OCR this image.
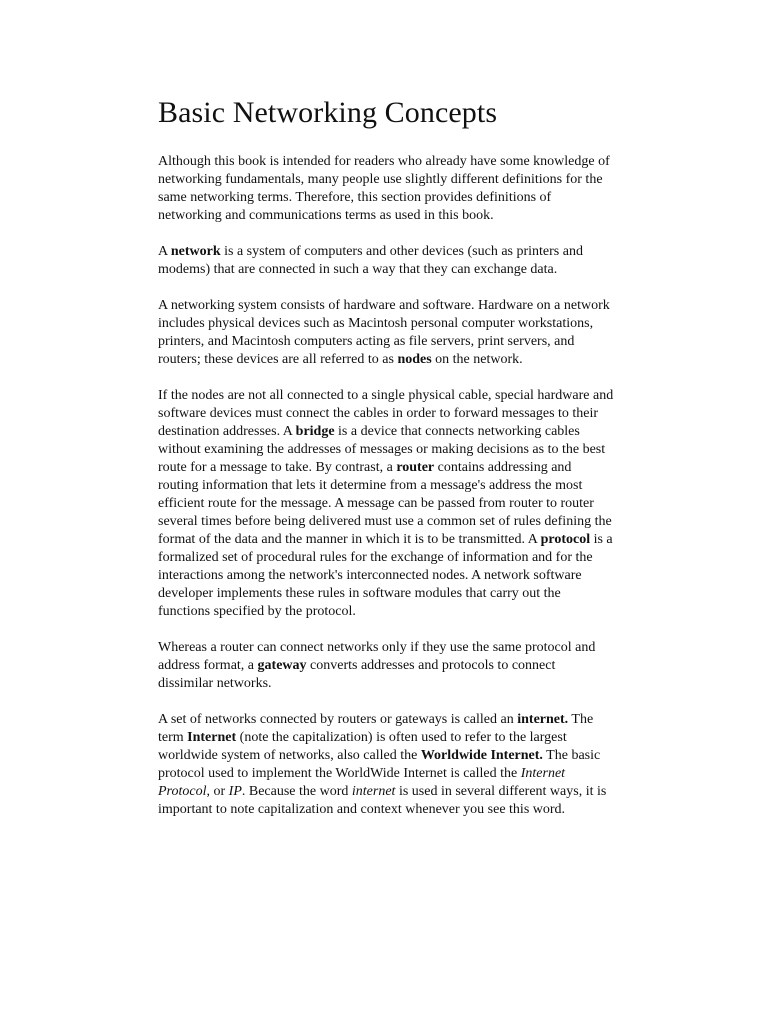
Basic Networking Concepts

Although this book is intended for readers who already have some knowledge of networking fundamentals, many people use slightly different definitions for the same networking terms. Therefore, this section provides definitions of networking and communications terms as used in this book.

A network is a system of computers and other devices (such as printers and modems) that are connected in such a way that they can exchange data.

A networking system consists of hardware and software. Hardware on a network includes physical devices such as Macintosh personal computer workstations, printers, and Macintosh computers acting as file servers, print servers, and routers; these devices are all referred to as nodes on the network.

If the nodes are not all connected to a single physical cable, special hardware and software devices must connect the cables in order to forward messages to their destination addresses. A bridge is a device that connects networking cables without examining the addresses of messages or making decisions as to the best route for a message to take. By contrast, a router contains addressing and routing information that lets it determine from a message's address the most efficient route for the message. A message can be passed from router to router several times before being delivered must use a common set of rules defining the format of the data and the manner in which it is to be transmitted. A protocol is a formalized set of procedural rules for the exchange of information and for the interactions among the network's interconnected nodes. A network software developer implements these rules in software modules that carry out the functions specified by the protocol.

Whereas a router can connect networks only if they use the same protocol and address format, a gateway converts addresses and protocols to connect dissimilar networks.

A set of networks connected by routers or gateways is called an internet. The term Internet (note the capitalization) is often used to refer to the largest worldwide system of networks, also called the Worldwide Internet. The basic protocol used to implement the WorldWide Internet is called the Internet Protocol, or IP. Because the word internet is used in several different ways, it is important to note capitalization and context whenever you see this word.
